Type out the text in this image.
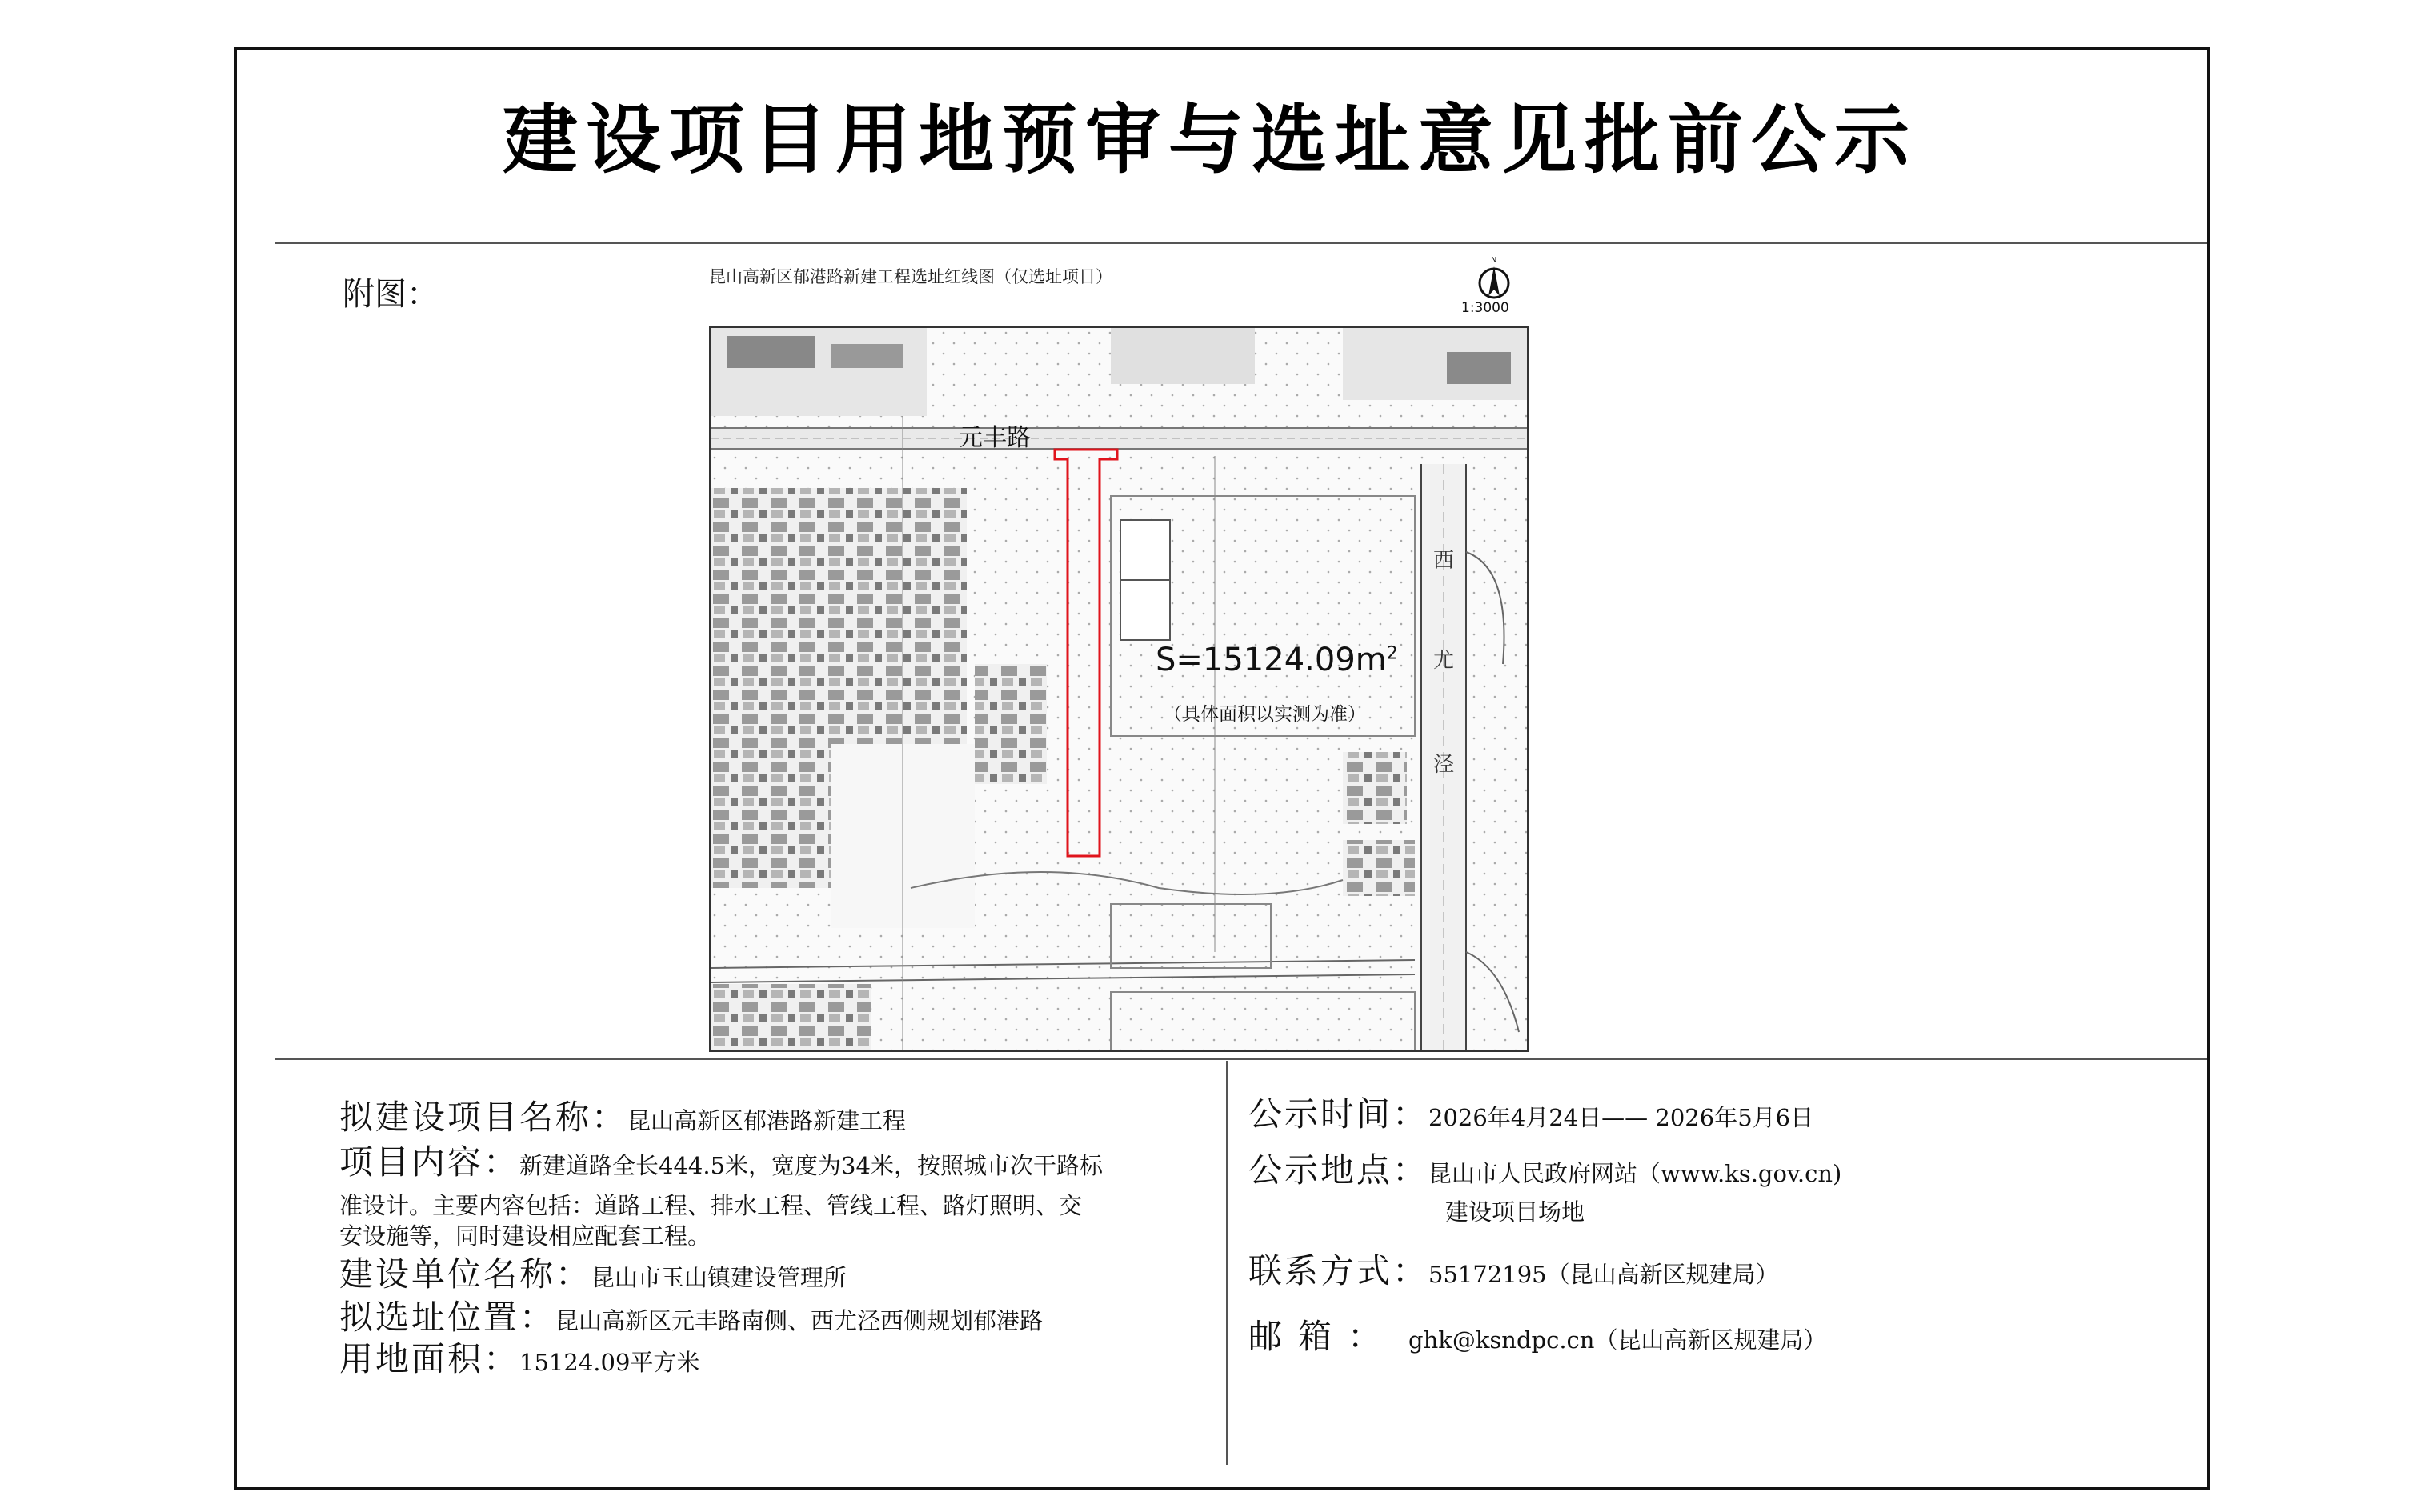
建设项目用地预审与选址意见批前公示
附图：	昆山高新区郁港路新建工程选址红线图（仅选址项目）
N
1:3000
元丰路
$S=15124.09m^2$
（具体面积以实测为准）
西
尤
泾
拟建设项目名称：昆山高新区郁港路新建工程
项目内容：新建道路全长444.5米，宽度为34米，按照城市次干路标
准设计。主要内容包括：道路工程、排水工程、管线工程、路灯照明、交
安设施等，同时建设相应配套工程。
建设单位名称：昆山市玉山镇建设管理所
拟选址位置：昆山高新区元丰路南侧、西尤泾西侧规划郁港路
用地面积：15124.09平方米
公示时间：2026年4月24日—— 2026年5月6日
公示地点：昆山市人民政府网站（www.ks.gov.cn)
建设项目场地
联系方式：55172195（昆山高新区规建局）
邮箱： ghk@ksndpc.cn（昆山高新区规建局）
